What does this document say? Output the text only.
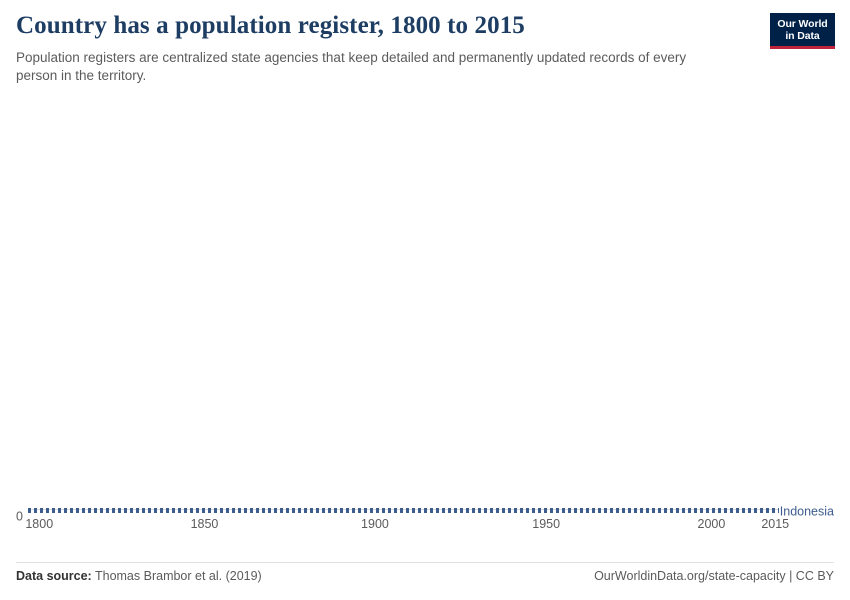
Country has a population register, 1800 to 2015

Population registers are centralized state agencies that keep detailed and permanently updated records of every person in the territory.

Our World
in Data
0	Indonesia
1800	1850	1900	1950	2000	2015
Data source: Thomas Brambor et al. (2019)	OurWorldinData.org/state-capacity | CC BY
